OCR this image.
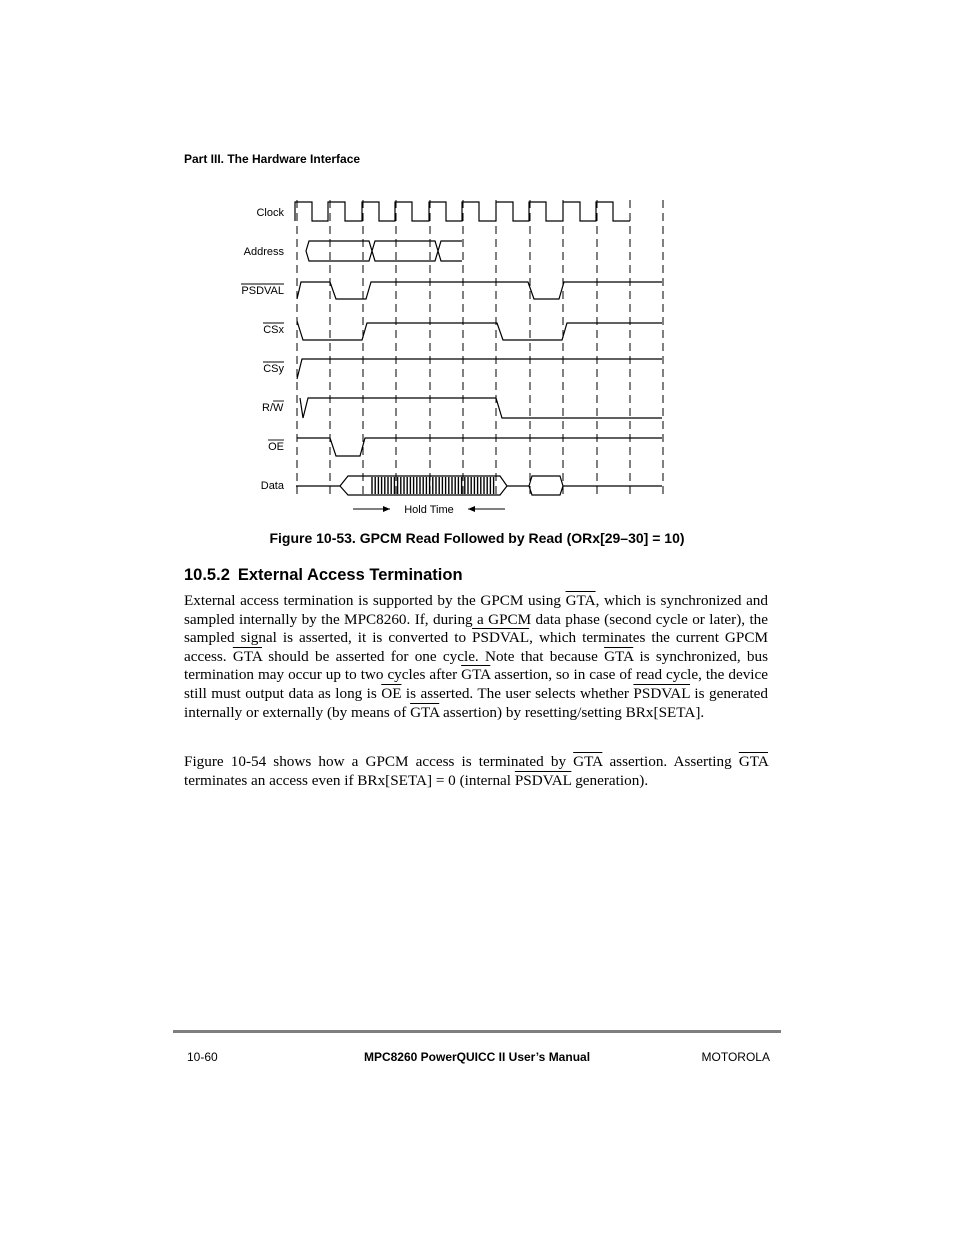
Part III. The Hardware Interface
Clock
Address
PSDVAL
CSx
CSy
R/ W
OE
Data
Hold Time
Figure 10-53. GPCM Read Followed by Read (ORx[29–30] = 10)
10.5.2 External Access Termination
External access termination is supported by the GPCM using $\overline{GTA}$, which is synchronized and sampled internally by the MPC8260. If, during a GPCM data phase (second cycle or later), the sampled signal is asserted, it is converted to PSDVAL, which terminates the current GPCM access. $\overline{GTA}$ should be asserted for one cycle. Note that because $\overline{GTA}$ is synchronized, bus termination may occur up to two cycles after $\overline{GTA}$ assertion, so in case of read cycle, the device still must output data as long is $\overline{OE}$ is asserted. The user selects whether PSDVAL is generated internally or externally (by means of $\overline{GTA}$ assertion) by resetting/setting BRx[SETA].
Figure 10-54 shows how a GPCM access is terminated by $\overline{GTA}$ assertion. Asserting $\overline{GTA}$ terminates an access even if BRx[SETA] = 0 (internal PSDVAL generation).
10-60	MPC8260 PowerQUICC II User’s Manual	MOTOROLA
